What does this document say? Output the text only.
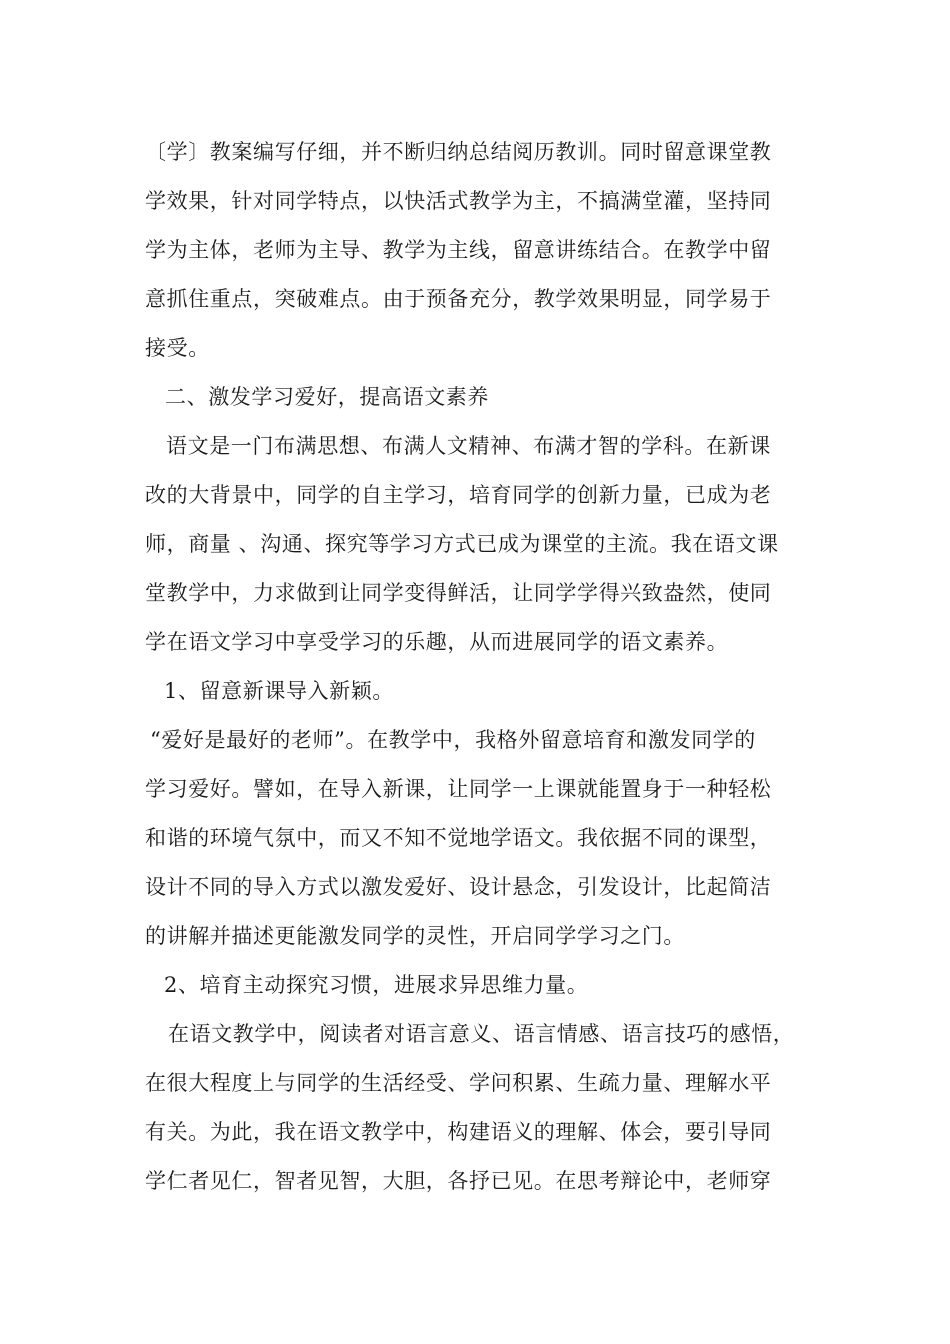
〔学〕教案编写仔细，并不断归纳总结阅历教训。同时留意课堂教
学效果，针对同学特点，以快活式教学为主，不搞满堂灌，坚持同
学为主体，老师为主导、教学为主线，留意讲练结合。在教学中留
意抓住重点，突破难点。由于预备充分，教学效果明显，同学易于
接受。
二、激发学习爱好，提高语文素养
语文是一门布满思想、布满人文精神、布满才智的学科。在新课
改的大背景中，同学的自主学习，培育同学的创新力量，已成为老
师，商量 、沟通、探究等学习方式已成为课堂的主流。我在语文课
堂教学中，力求做到让同学变得鲜活，让同学学得兴致盎然，使同
学在语文学习中享受学习的乐趣，从而进展同学的语文素养。
1、留意新课导入新颖。
“爱好是最好的老师”。在教学中，我格外留意培育和激发同学的
学习爱好。譬如，在导入新课，让同学一上课就能置身于一种轻松
和谐的环境气氛中，而又不知不觉地学语文。我依据不同的课型，
设计不同的导入方式以激发爱好、设计悬念，引发设计，比起简洁
的讲解并描述更能激发同学的灵性，开启同学学习之门。
2、培育主动探究习惯，进展求异思维力量。
在语文教学中，阅读者对语言意义、语言情感、语言技巧的感悟，
在很大程度上与同学的生活经受、学问积累、生疏力量、理解水平
有关。为此，我在语文教学中，构建语义的理解、体会，要引导同
学仁者见仁，智者见智，大胆，各抒已见。在思考辩论中，老师穿
